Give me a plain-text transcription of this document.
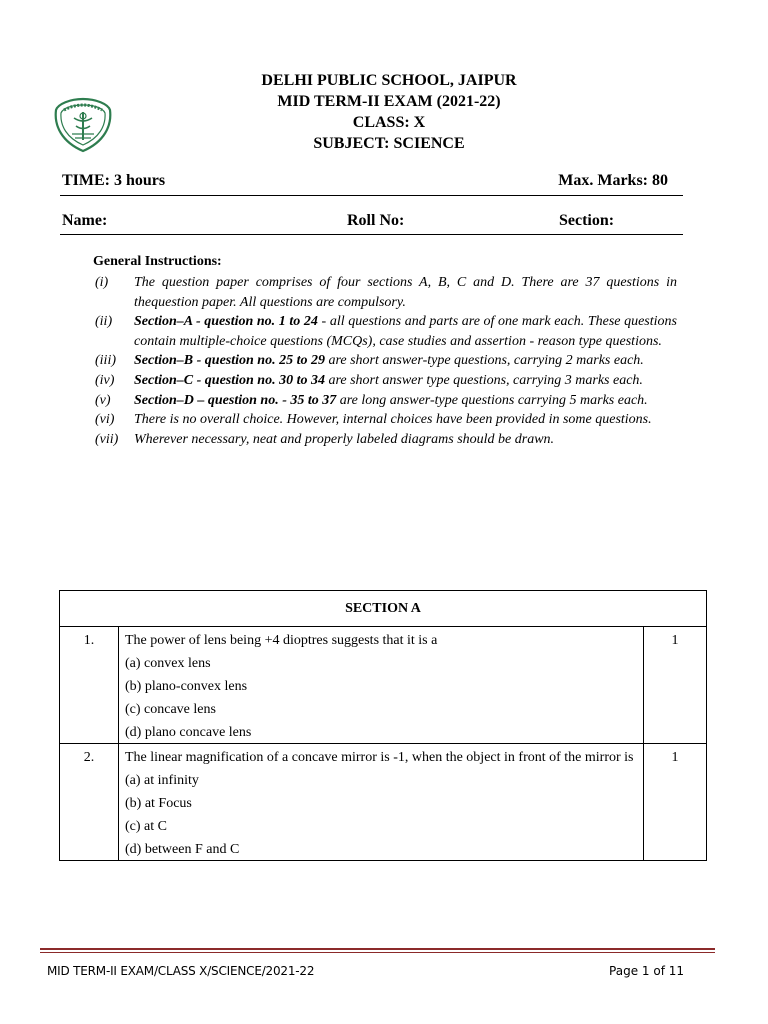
DELHI PUBLIC SCHOOL, JAIPUR
MID TERM-II EXAM (2021-22)
CLASS: X
SUBJECT: SCIENCE
TIME: 3 hours	Max. Marks: 80
Name:	Roll No:	Section:
General Instructions:
(i) The question paper comprises of four sections A, B, C and D. There are 37 questions in thequestion paper. All questions are compulsory.
(ii) Section–A - question no. 1 to 24 - all questions and parts are of one mark each. These questions contain multiple-choice questions (MCQs), case studies and assertion - reason type questions.
(iii) Section–B - question no. 25 to 29 are short answer-type questions, carrying 2 marks each.
(iv) Section–C - question no. 30 to 34 are short answer type questions, carrying 3 marks each.
(v) Section–D – question no. - 35 to 37 are long answer-type questions carrying 5 marks each.
(vi) There is no overall choice. However, internal choices have been provided in some questions.
(vii) Wherever necessary, neat and properly labeled diagrams should be drawn.
SECTION A		
1.	The power of lens being +4 dioptres suggests that it is a
(a) convex lens
(b) plano-convex lens
(c) concave lens
(d) plano concave lens	1
2.	The linear magnification of a concave mirror is -1, when the object in front of the mirror is
(a) at infinity
(b) at Focus
(c) at C
(d) between F and C	1
MID TERM-II EXAM/CLASS X/SCIENCE/2021-22	Page 1 of 11
